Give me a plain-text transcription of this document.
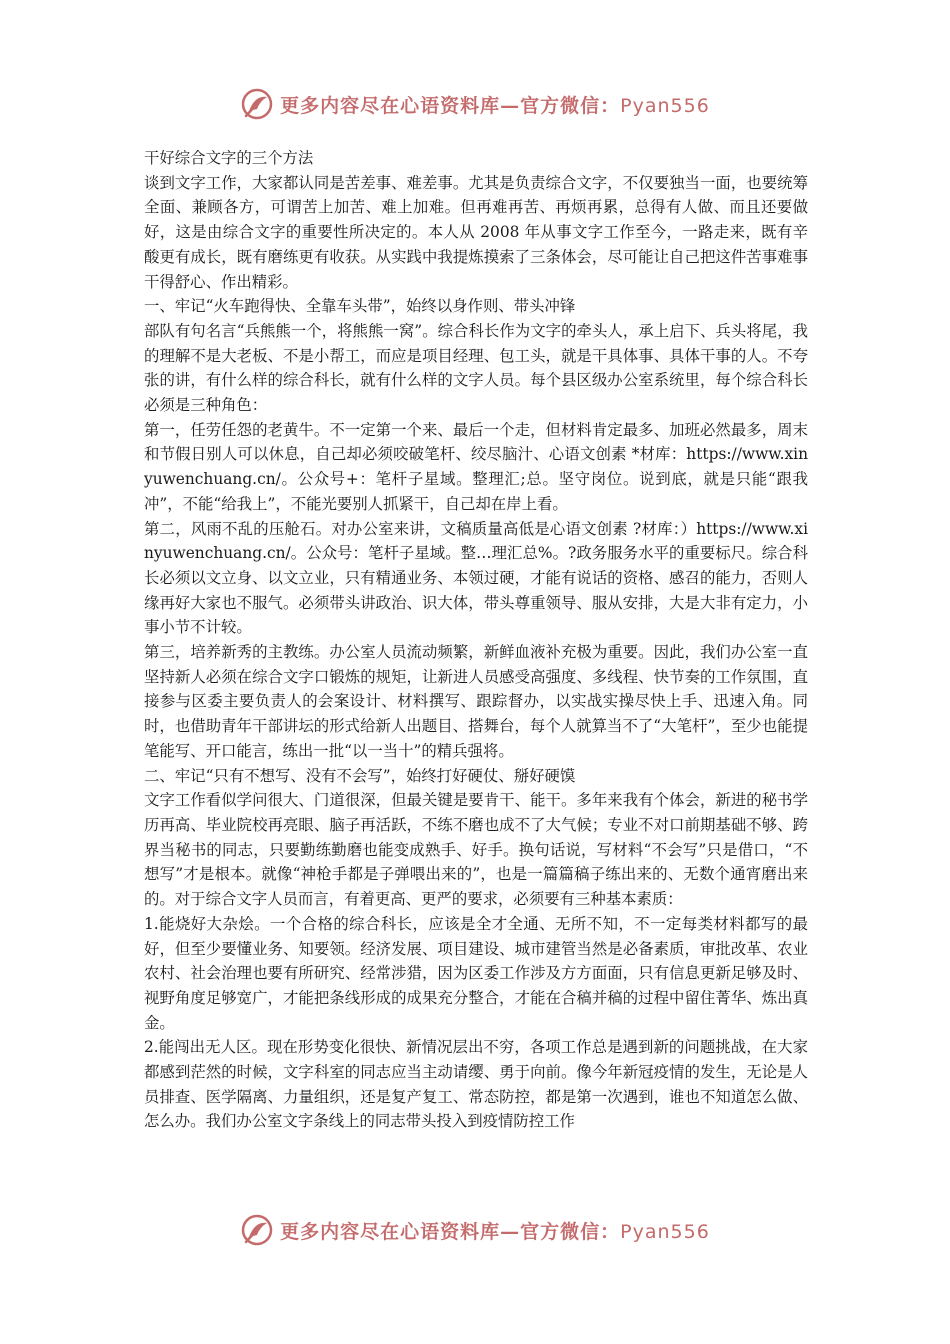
更多内容尽在心语资料库—官方微信：Pyan556

干好综合文字的三个方法

谈到文字工作，大家都认同是苦差事、难差事。尤其是负责综合文字，不仅要独当一面，也要统筹全面、兼顾各方，可谓苦上加苦、难上加难。但再难再苦、再烦再累，总得有人做、而且还要做好，这是由综合文字的重要性所决定的。本人从 2008 年从事文字工作至今，一路走来，既有辛酸更有成长，既有磨练更有收获。从实践中我提炼摸索了三条体会，尽可能让自己把这件苦事难事干得舒心、作出精彩。

一、牢记“火车跑得快、全靠车头带”，始终以身作则、带头冲锋

部队有句名言“兵熊熊一个，将熊熊一窝”。综合科长作为文字的牵头人，承上启下、兵头将尾，我的理解不是大老板、不是小帮工，而应是项目经理、包工头，就是干具体事、具体干事的人。不夸张的讲，有什么样的综合科长，就有什么样的文字人员。每个县区级办公室系统里，每个综合科长必须是三种角色：

第一，任劳任怨的老黄牛。不一定第一个来、最后一个走，但材料肯定最多、加班必然最多，周末和节假日别人可以休息，自己却必须咬破笔杆、绞尽脑汁、心语文创素 *材库：https://www.xinyuwenchuang.cn/。公众号+：笔杆子星域。整理汇;总。坚守岗位。说到底，就是只能“跟我冲”，不能“给我上”，不能光要别人抓紧干，自己却在岸上看。

第二，风雨不乱的压舱石。对办公室来讲，文稿质量高低是心语文创素 ?材库：）https://www.xinyuwenchuang.cn/。公众号：笔杆子星域。整…理汇总%。?政务服务水平的重要标尺。综合科长必须以文立身、以文立业，只有精通业务、本领过硬，才能有说话的资格、感召的能力，否则人缘再好大家也不服气。必须带头讲政治、识大体，带头尊重领导、服从安排，大是大非有定力，小事小节不计较。

第三，培养新秀的主教练。办公室人员流动频繁，新鲜血液补充极为重要。因此，我们办公室一直坚持新人必须在综合文字口锻炼的规矩，让新进人员感受高强度、多线程、快节奏的工作氛围，直接参与区委主要负责人的会案设计、材料撰写、跟踪督办，以实战实操尽快上手、迅速入角。同时，也借助青年干部讲坛的形式给新人出题目、搭舞台，每个人就算当不了“大笔杆”，至少也能提笔能写、开口能言，练出一批“以一当十”的精兵强将。

二、牢记“只有不想写、没有不会写”，始终打好硬仗、掰好硬馍

文字工作看似学问很大、门道很深，但最关键是要肯干、能干。多年来我有个体会，新进的秘书学历再高、毕业院校再亮眼、脑子再活跃，不练不磨也成不了大气候；专业不对口前期基础不够、跨界当秘书的同志，只要勤练勤磨也能变成熟手、好手。换句话说，写材料“不会写”只是借口，“不想写”才是根本。就像“神枪手都是子弹喂出来的”，也是一篇篇稿子练出来的、无数个通宵磨出来的。对于综合文字人员而言，有着更高、更严的要求，必须要有三种基本素质：

1.能烧好大杂烩。一个合格的综合科长，应该是全才全通、无所不知，不一定每类材料都写的最好，但至少要懂业务、知要领。经济发展、项目建设、城市建管当然是必备素质，审批改革、农业农村、社会治理也要有所研究、经常涉猎，因为区委工作涉及方方面面，只有信息更新足够及时、视野角度足够宽广，才能把条线形成的成果充分整合，才能在合稿并稿的过程中留住菁华、炼出真金。

2.能闯出无人区。现在形势变化很快、新情况层出不穷，各项工作总是遇到新的问题挑战，在大家都感到茫然的时候，文字科室的同志应当主动请缨、勇于向前。像今年新冠疫情的发生，无论是人员排查、医学隔离、力量组织，还是复产复工、常态防控，都是第一次遇到，谁也不知道怎么做、怎么办。我们办公室文字条线上的同志带头投入到疫情防控工作

更多内容尽在心语资料库—官方微信：Pyan556
